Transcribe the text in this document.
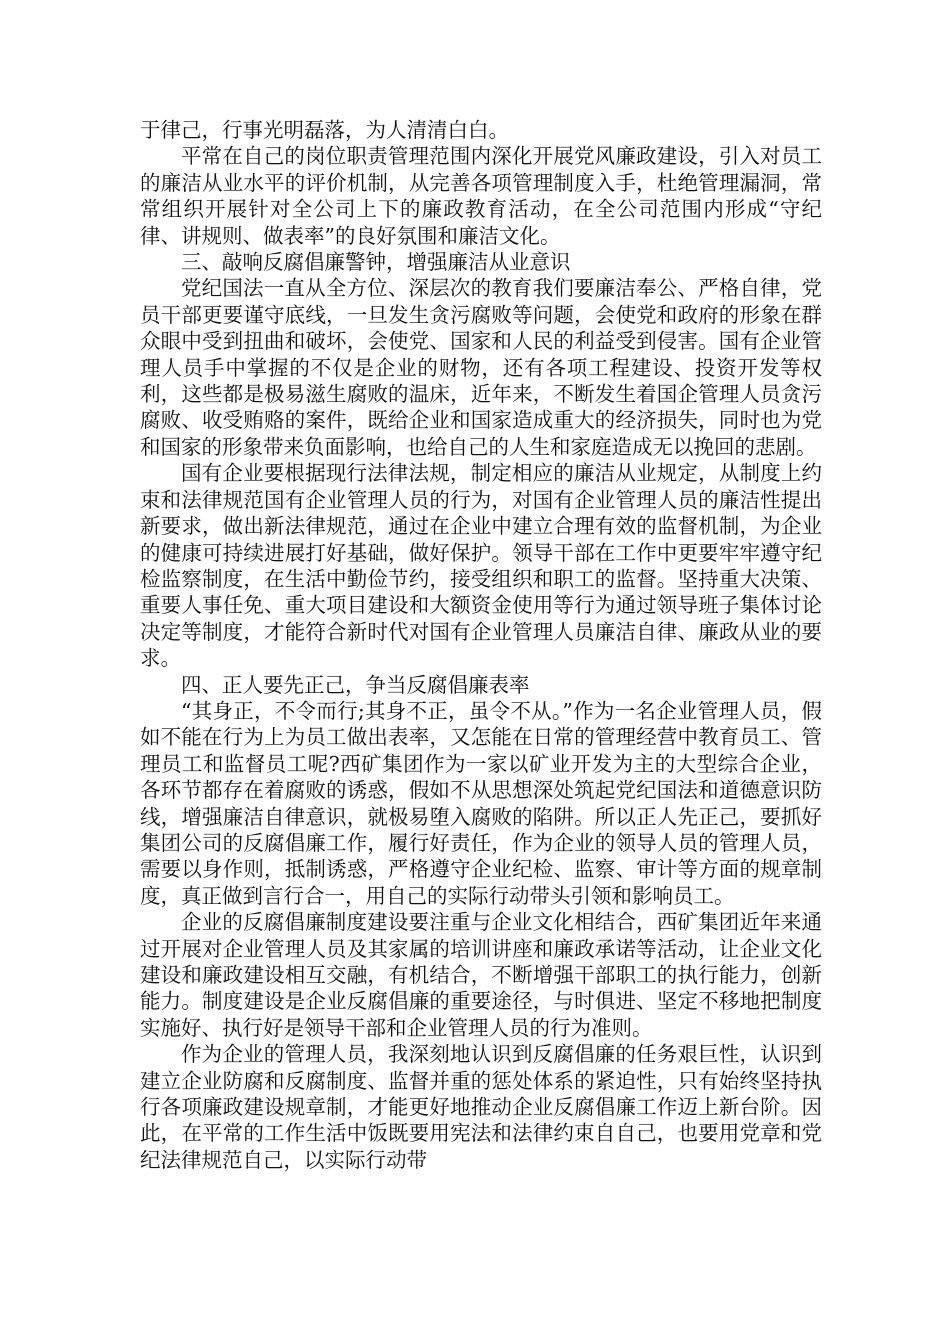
于律己，行事光明磊落，为人清清白白。

平常在自己的岗位职责管理范围内深化开展党风廉政建设，引入对员工的廉洁从业水平的评价机制，从完善各项管理制度入手，杜绝管理漏洞，常常组织开展针对全公司上下的廉政教育活动，在全公司范围内形成“守纪律、讲规则、做表率”的良好氛围和廉洁文化。

三、敲响反腐倡廉警钟，增强廉洁从业意识

党纪国法一直从全方位、深层次的教育我们要廉洁奉公、严格自律，党员干部更要谨守底线，一旦发生贪污腐败等问题，会使党和政府的形象在群众眼中受到扭曲和破坏，会使党、国家和人民的利益受到侵害。国有企业管理人员手中掌握的不仅是企业的财物，还有各项工程建设、投资开发等权利，这些都是极易滋生腐败的温床，近年来，不断发生着国企管理人员贪污腐败、收受贿赂的案件，既给企业和国家造成重大的经济损失，同时也为党和国家的形象带来负面影响，也给自己的人生和家庭造成无以挽回的悲剧。

国有企业要根据现行法律法规，制定相应的廉洁从业规定，从制度上约束和法律规范国有企业管理人员的行为，对国有企业管理人员的廉洁性提出新要求，做出新法律规范，通过在企业中建立合理有效的监督机制，为企业的健康可持续进展打好基础，做好保护。领导干部在工作中更要牢牢遵守纪检监察制度，在生活中勤俭节约，接受组织和职工的监督。坚持重大决策、重要人事任免、重大项目建设和大额资金使用等行为通过领导班子集体讨论决定等制度，才能符合新时代对国有企业管理人员廉洁自律、廉政从业的要求。

四、正人要先正己，争当反腐倡廉表率

“其身正，不令而行;其身不正，虽令不从。”作为一名企业管理人员，假如不能在行为上为员工做出表率，又怎能在日常的管理经营中教育员工、管理员工和监督员工呢?西矿集团作为一家以矿业开发为主的大型综合企业，各环节都存在着腐败的诱惑，假如不从思想深处筑起党纪国法和道德意识防线，增强廉洁自律意识，就极易堕入腐败的陷阱。所以正人先正己，要抓好集团公司的反腐倡廉工作，履行好责任，作为企业的领导人员的管理人员，需要以身作则，抵制诱惑，严格遵守企业纪检、监察、审计等方面的规章制度，真正做到言行合一，用自己的实际行动带头引领和影响员工。

企业的反腐倡廉制度建设要注重与企业文化相结合，西矿集团近年来通过开展对企业管理人员及其家属的培训讲座和廉政承诺等活动，让企业文化建设和廉政建设相互交融，有机结合，不断增强干部职工的执行能力，创新能力。制度建设是企业反腐倡廉的重要途径，与时俱进、坚定不移地把制度实施好、执行好是领导干部和企业管理人员的行为准则。

作为企业的管理人员，我深刻地认识到反腐倡廉的任务艰巨性，认识到建立企业防腐和反腐制度、监督并重的惩处体系的紧迫性，只有始终坚持执行各项廉政建设规章制，才能更好地推动企业反腐倡廉工作迈上新台阶。因此，在平常的工作生活中饭既要用宪法和法律约束自自己，也要用党章和党纪法律规范自己，以实际行动带
